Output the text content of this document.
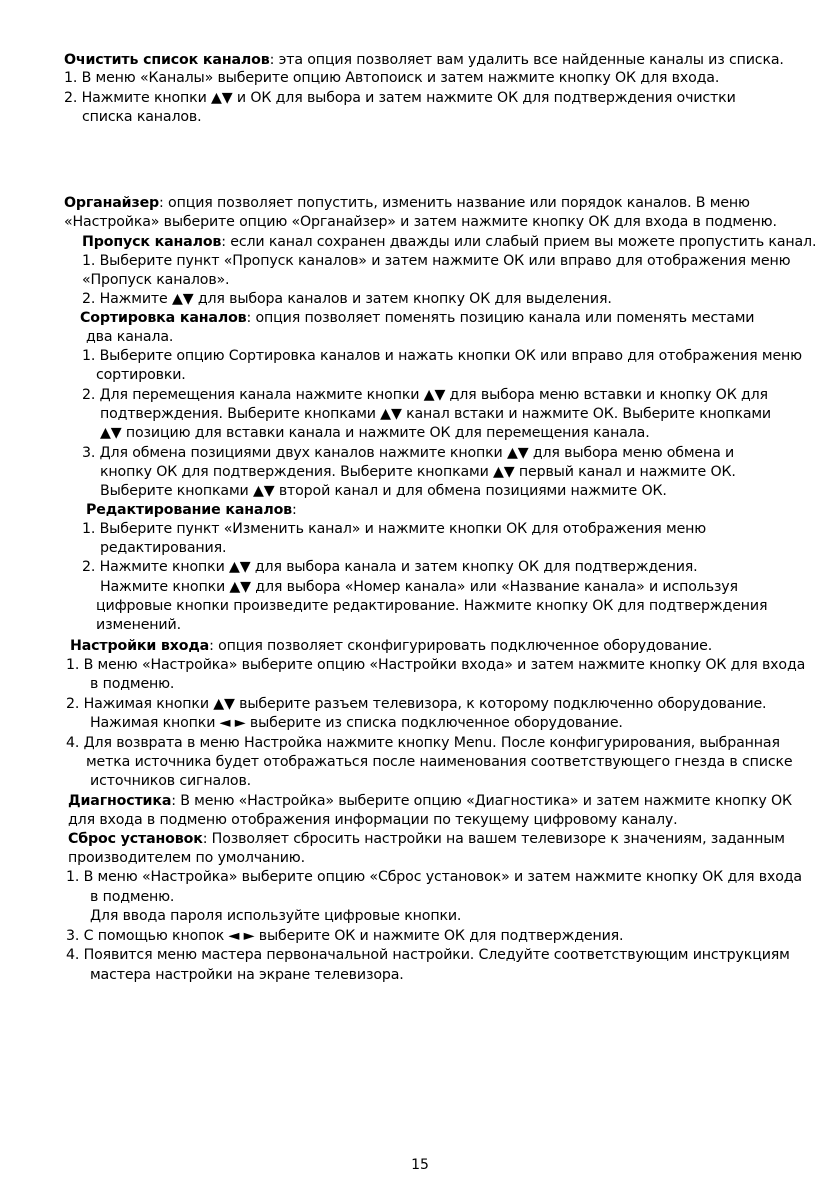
Очистить список каналов: эта опция позволяет вам удалить все найденные каналы из списка.
1. В меню «Каналы» выберите опцию Автопоиск и затем нажмите кнопку ОК для входа.
2. Нажмите кнопки ▲▼ и ОК для выбора и затем нажмите ОК для подтверждения очистки
списка каналов.
Органайзер: опция позволяет попустить, изменить название или порядок каналов. В меню
«Настройка» выберите опцию «Органайзер» и затем нажмите кнопку ОК для входа в подменю.
Пропуск каналов: если канал сохранен дважды или слабый прием вы можете пропустить канал.
1. Выберите пункт «Пропуск каналов» и затем нажмите ОК или вправо для отображения меню
«Пропуск каналов».
2. Нажмите ▲▼ для выбора каналов и затем кнопку ОК для выделения.
Сортировка каналов: опция позволяет поменять позицию канала или поменять местами
два канала.
1. Выберите опцию Сортировка каналов и нажать кнопки ОК или вправо для отображения меню
сортировки.
2. Для перемещения канала нажмите кнопки ▲▼ для выбора меню вставки и кнопку ОК для
подтверждения. Выберите кнопками ▲▼ канал встаки и нажмите ОК. Выберите кнопками
▲▼ позицию для вставки канала и нажмите ОК для перемещения канала.
3. Для обмена позициями двух каналов нажмите кнопки ▲▼ для выбора меню обмена и
кнопку ОК для подтверждения. Выберите кнопками ▲▼ первый канал и нажмите ОК.
Выберите кнопками ▲▼ второй канал и для обмена позициями нажмите ОК.
Редактирование каналов:
1. Выберите пункт «Изменить канал» и нажмите кнопки ОК для отображения меню
редактирования.
2. Нажмите кнопки ▲▼ для выбора канала и затем кнопку ОК для подтверждения.
Нажмите кнопки ▲▼ для выбора «Номер канала» или «Название канала» и используя
цифровые кнопки произведите редактирование. Нажмите кнопку ОК для подтверждения
изменений.
Настройки входа: опция позволяет сконфигурировать подключенное оборудование.
1. В меню «Настройка» выберите опцию «Настройки входа» и затем нажмите кнопку ОК для входа
в подменю.
2. Нажимая кнопки ▲▼ выберите разъем телевизора, к которому подключенно оборудование.
Нажимая кнопки ◄ ► выберите из списка подключенное оборудование.
4. Для возврата в меню Настройка нажмите кнопку Menu. После конфигурирования, выбранная
метка источника будет отображаться после наименования соответствующего гнезда в списке
источников сигналов.
Диагностика: В меню «Настройка» выберите опцию «Диагностика» и затем нажмите кнопку ОК
для входа в подменю отображения информации по текущему цифровому каналу.
Сброс установок: Позволяет сбросить настройки на вашем телевизоре к значениям, заданным
производителем по умолчанию.
1. В меню «Настройка» выберите опцию «Сброс установок» и затем нажмите кнопку ОК для входа
в подменю.
Для ввода пароля используйте цифровые кнопки.
3. С помощью кнопок ◄ ► выберите ОК и нажмите ОК для подтверждения.
4. Появится меню мастера первоначальной настройки. Следуйте соответствующим инструкциям
мастера настройки на экране телевизора.
15
